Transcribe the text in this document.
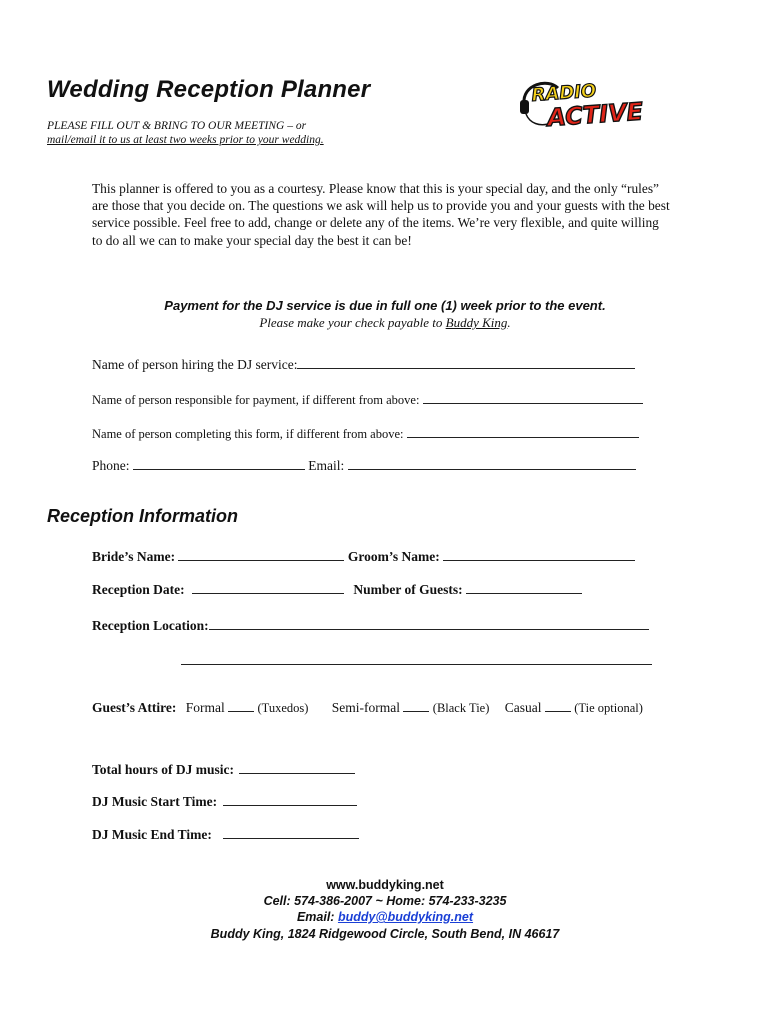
Wedding Reception Planner
PLEASE FILL OUT & BRING TO OUR MEETING – or
mail/email it to us at least two weeks prior to your wedding.
RADIO
ACTIVE
This planner is offered to you as a courtesy. Please know that this is your special day, and the only “rules” are those that you decide on. The questions we ask will help us to provide you and your guests with the best service possible. Feel free to add, change or delete any of the items. We’re very flexible, and quite willing to do all we can to make your special day the best it can be!
Payment for the DJ service is due in full one (1) week prior to the event.
Please make your check payable to Buddy King.
Name of person hiring the DJ service:
Name of person responsible for payment, if different from above:
Name of person completing this form, if different from above:
Phone:	Email:
Reception Information
Bride’s Name:	Groom’s Name:
Reception Date:	Number of Guests:
Reception Location:
Guest’s Attire: Formal	(Tuxedos) Semi-formal	(Black Tie) Casual	(Tie optional)
Total hours of DJ music:
DJ Music Start Time:
DJ Music End Time:
www.buddyking.net
Cell: 574-386-2007 ~ Home: 574-233-3235
Email: buddy@buddyking.net
Buddy King, 1824 Ridgewood Circle, South Bend, IN 46617
